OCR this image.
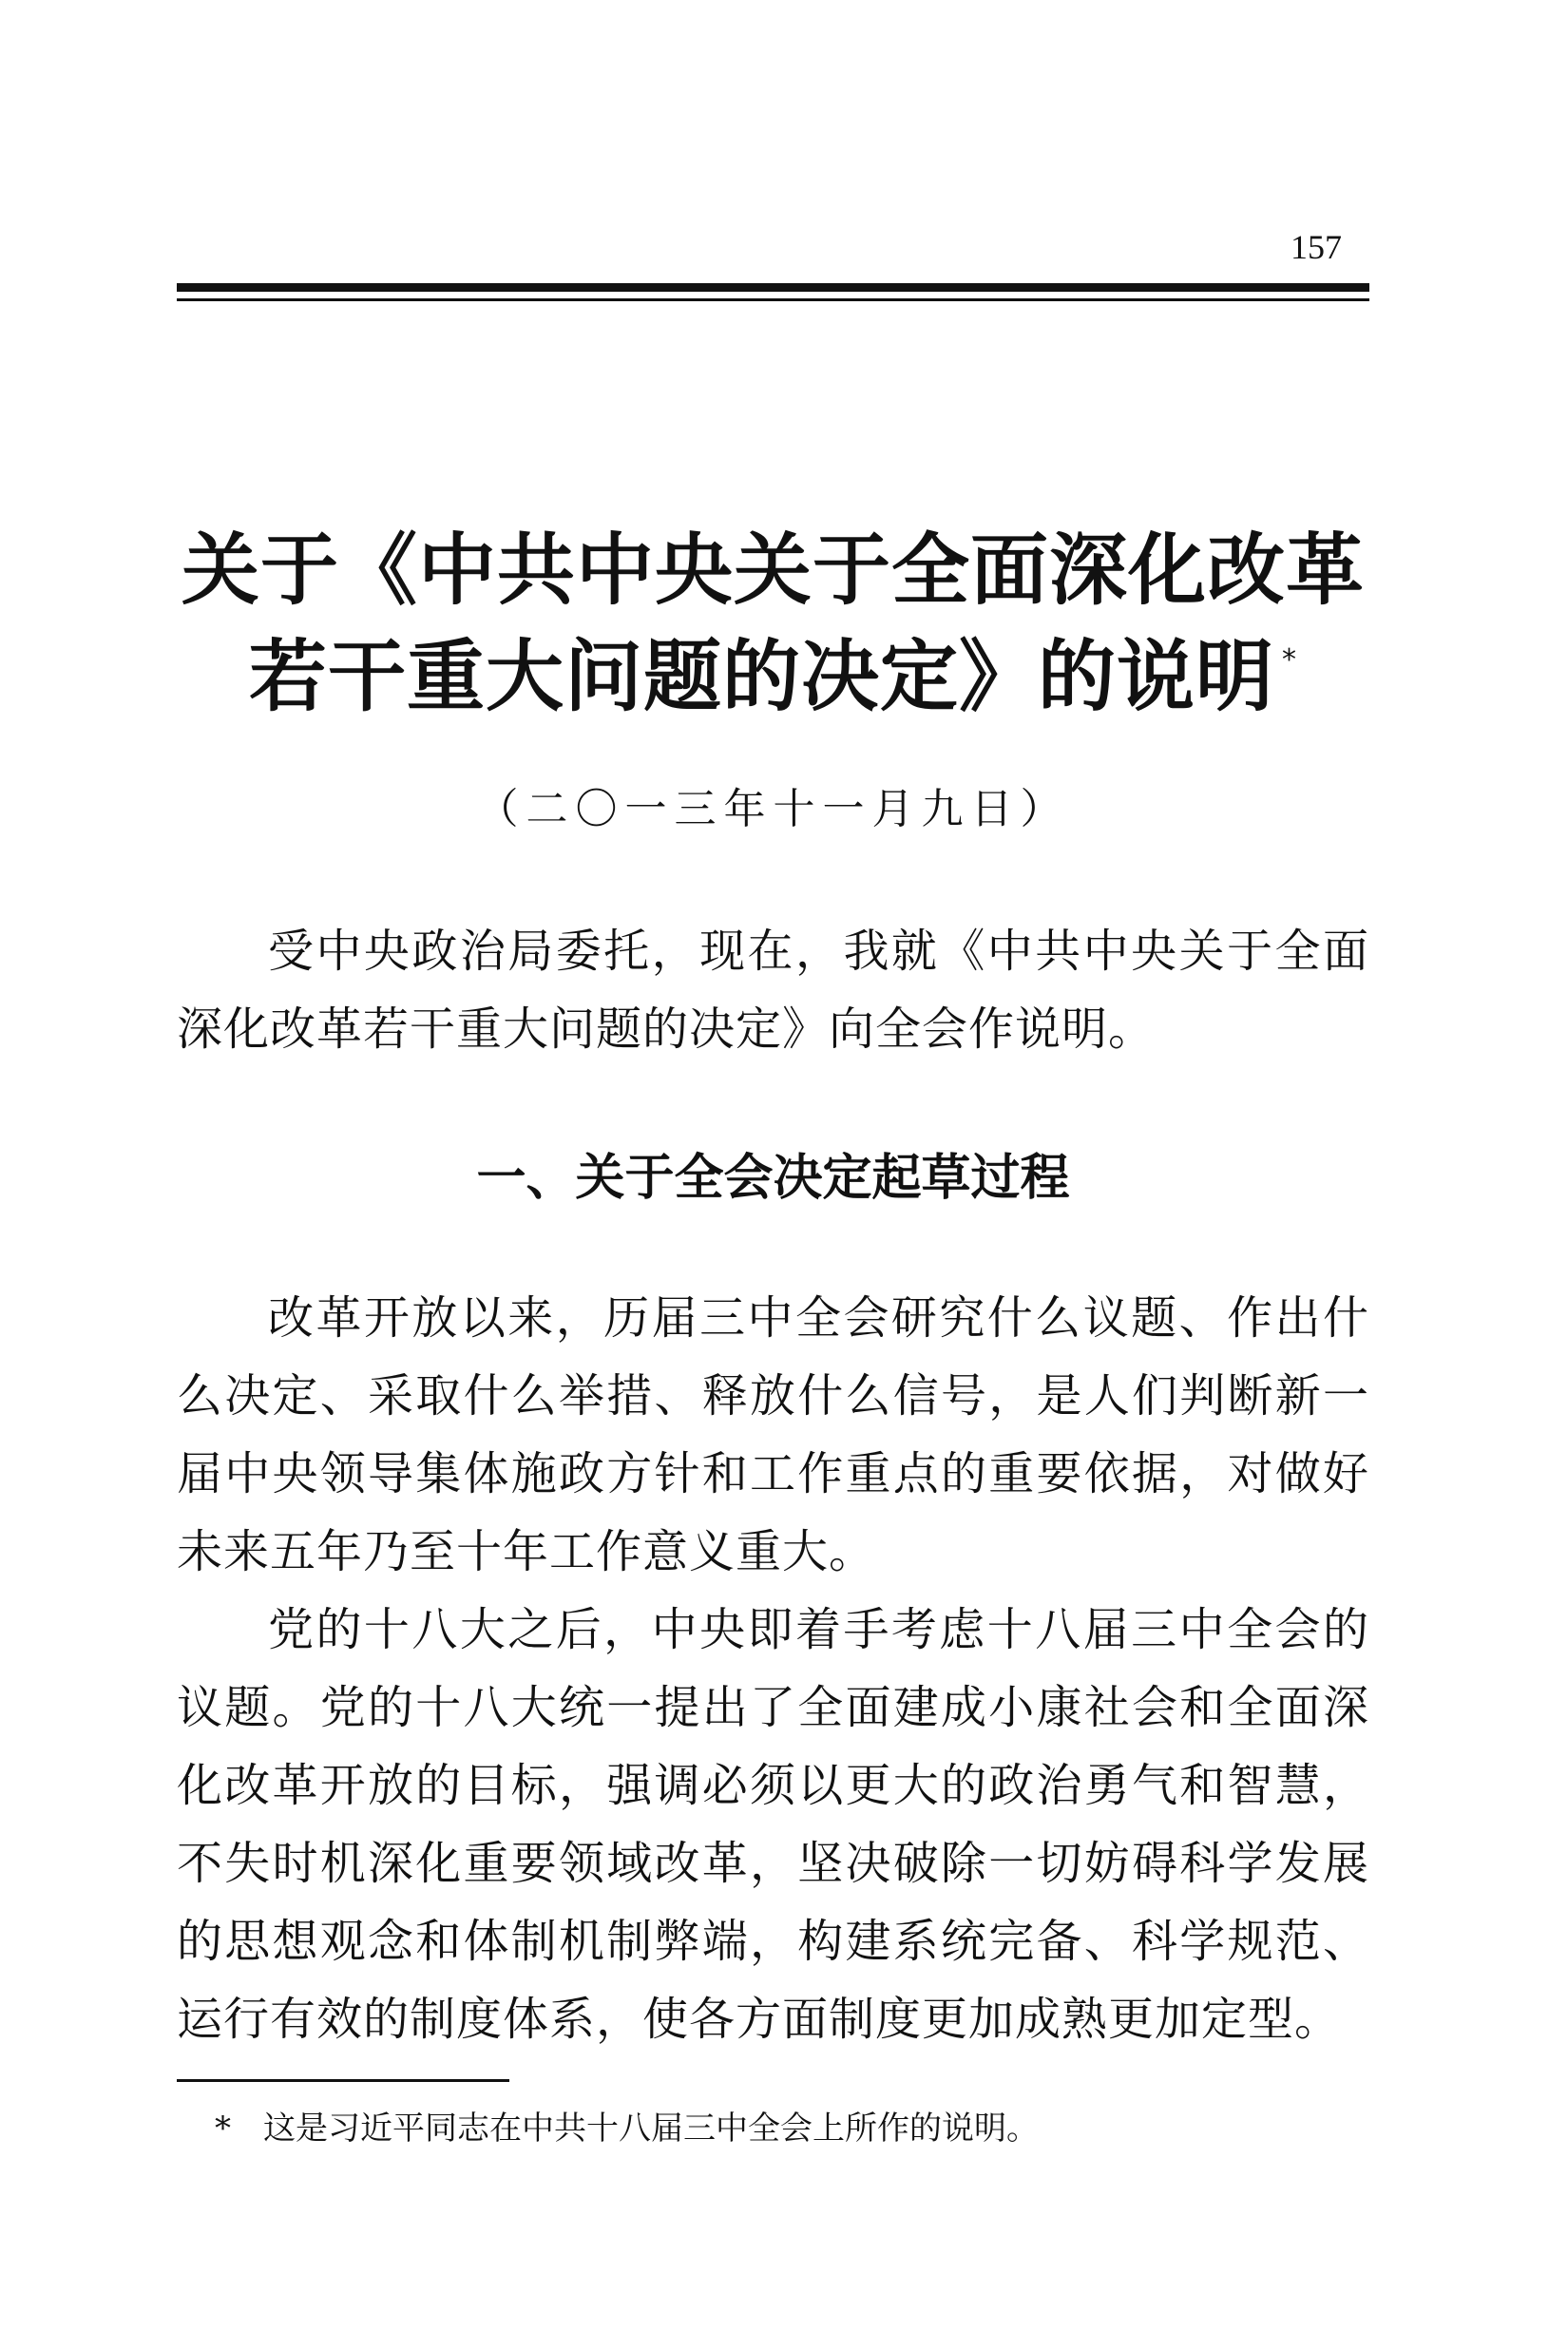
157
关于《中共中央关于全面深化改革
若干重大问题的决定》的说明 *
（二〇一三年十一月九日）

受中央政治局委托，现在，我就《中共中央关于全面深化改革若干重大问题的决定》向全会作说明。

一、关于全会决定起草过程

改革开放以来，历届三中全会研究什么议题、作出什么决定、采取什么举措、释放什么信号，是人们判断新一届中央领导集体施政方针和工作重点的重要依据，对做好未来五年乃至十年工作意义重大。

党的十八大之后，中央即着手考虑十八届三中全会的议题。党的十八大统一提出了全面建成小康社会和全面深化改革开放的目标，强调必须以更大的政治勇气和智慧，不失时机深化重要领域改革，坚决破除一切妨碍科学发展的思想观念和体制机制弊端，构建系统完备、科学规范、运行有效的制度体系，使各方面制度更加成熟更加定型。

* 这是习近平同志在中共十八届三中全会上所作的说明。
